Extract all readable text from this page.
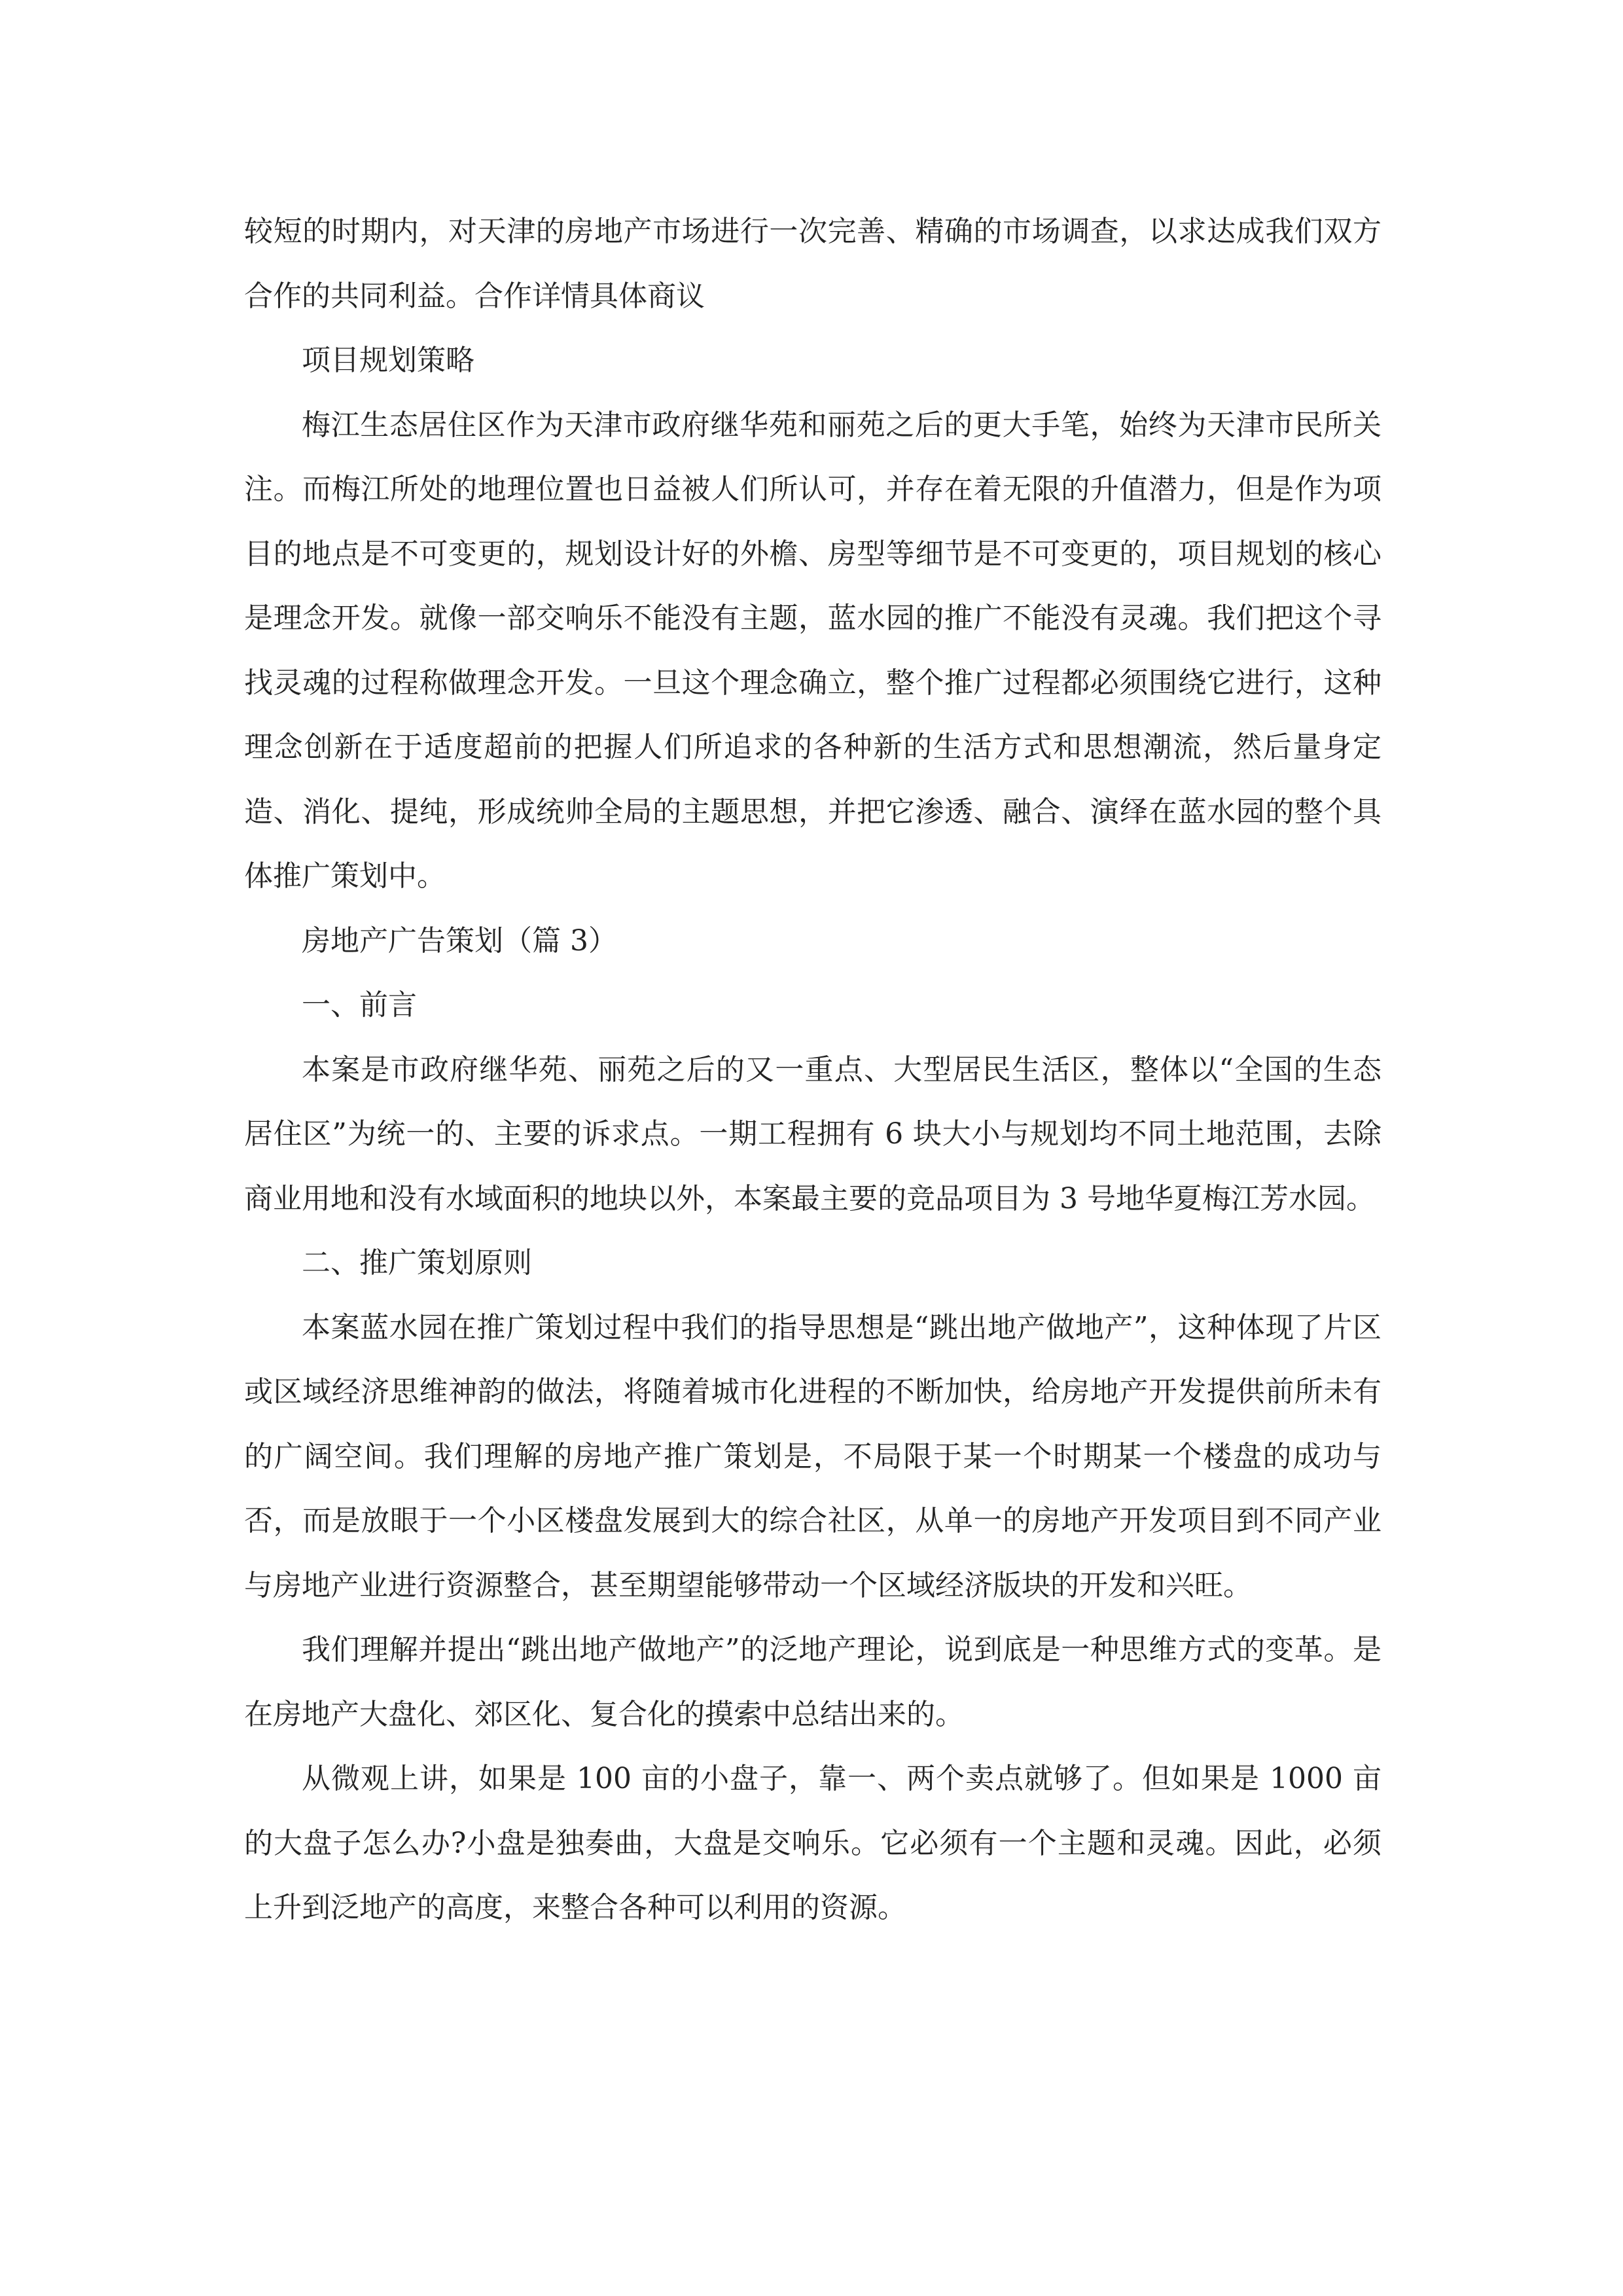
较短的时期内，对天津的房地产市场进行一次完善、精确的市场调查，以求达成我们双方合作的共同利益。合作详情具体商议

项目规划策略

梅江生态居住区作为天津市政府继华苑和丽苑之后的更大手笔，始终为天津市民所关注。而梅江所处的地理位置也日益被人们所认可，并存在着无限的升值潜力，但是作为项目的地点是不可变更的，规划设计好的外檐、房型等细节是不可变更的，项目规划的核心是理念开发。就像一部交响乐不能没有主题，蓝水园的推广不能没有灵魂。我们把这个寻找灵魂的过程称做理念开发。一旦这个理念确立，整个推广过程都必须围绕它进行，这种理念创新在于适度超前的把握人们所追求的各种新的生活方式和思想潮流，然后量身定造、消化、提纯，形成统帅全局的主题思想，并把它渗透、融合、演绎在蓝水园的整个具体推广策划中。

房地产广告策划（篇 3）

一、前言

本案是市政府继华苑、丽苑之后的又一重点、大型居民生活区，整体以“全国的生态居住区”为统一的、主要的诉求点。一期工程拥有 6 块大小与规划均不同土地范围，去除商业用地和没有水域面积的地块以外，本案最主要的竞品项目为 3 号地华夏梅江芳水园。

二、推广策划原则

本案蓝水园在推广策划过程中我们的指导思想是“跳出地产做地产”，这种体现了片区或区域经济思维神韵的做法，将随着城市化进程的不断加快，给房地产开发提供前所未有的广阔空间。我们理解的房地产推广策划是，不局限于某一个时期某一个楼盘的成功与否，而是放眼于一个小区楼盘发展到大的综合社区，从单一的房地产开发项目到不同产业与房地产业进行资源整合，甚至期望能够带动一个区域经济版块的开发和兴旺。

我们理解并提出“跳出地产做地产”的泛地产理论，说到底是一种思维方式的变革。是在房地产大盘化、郊区化、复合化的摸索中总结出来的。

从微观上讲，如果是 100 亩的小盘子，靠一、两个卖点就够了。但如果是 1000 亩的大盘子怎么办?小盘是独奏曲，大盘是交响乐。它必须有一个主题和灵魂。因此，必须上升到泛地产的高度，来整合各种可以利用的资源。
